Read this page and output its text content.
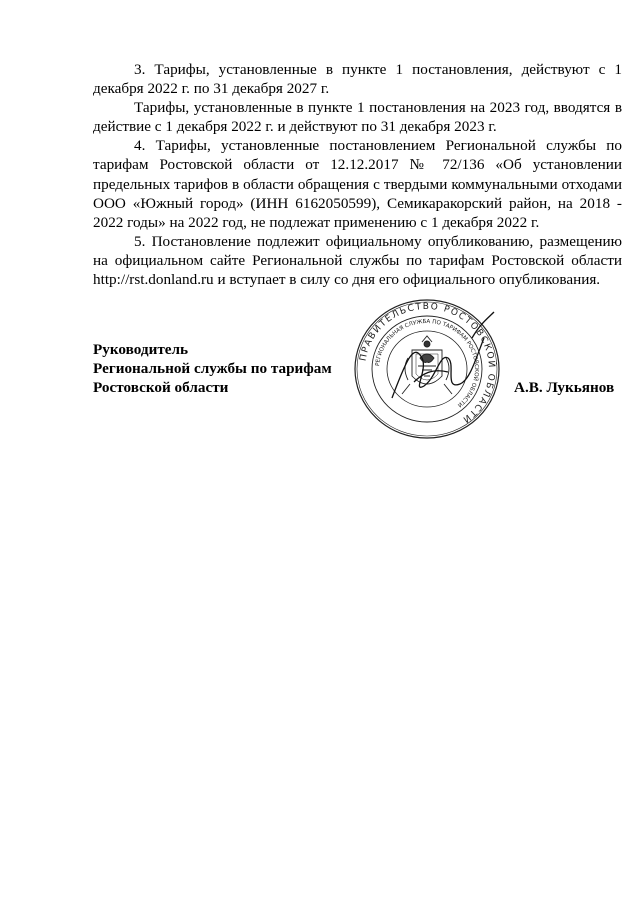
3. Тарифы, установленные в пункте 1 постановления, действуют с 1 декабря 2022 г. по 31 декабря 2027 г.

Тарифы, установленные в пункте 1 постановления на 2023 год, вводятся в действие с 1 декабря 2022 г. и действуют по 31 декабря 2023 г.

4. Тарифы, установленные постановлением Региональной службы по тарифам Ростовской области от 12.12.2017 № 72/136 «Об установлении предельных тарифов в области обращения с твердыми коммунальными отходами ООО «Южный город» (ИНН 6162050599), Семикаракорский район, на 2018 - 2022 годы» на 2022 год, не подлежат применению с 1 декабря 2022 г.

5. Постановление подлежит официальному опубликованию, размещению на официальном сайте Региональной службы по тарифам Ростовской области http://rst.donland.ru и вступает в силу со дня его официального опубликования.

Руководитель
Региональной службы по тарифам
Ростовской области
ПРАВИТЕЛЬСТВО РОСТОВСКОЙ ОБЛАСТИ
РЕГИОНАЛЬНАЯ СЛУЖБА ПО ТАРИФАМ РОСТОВСКОЙ ОБЛАСТИ
А.В. Лукьянов
